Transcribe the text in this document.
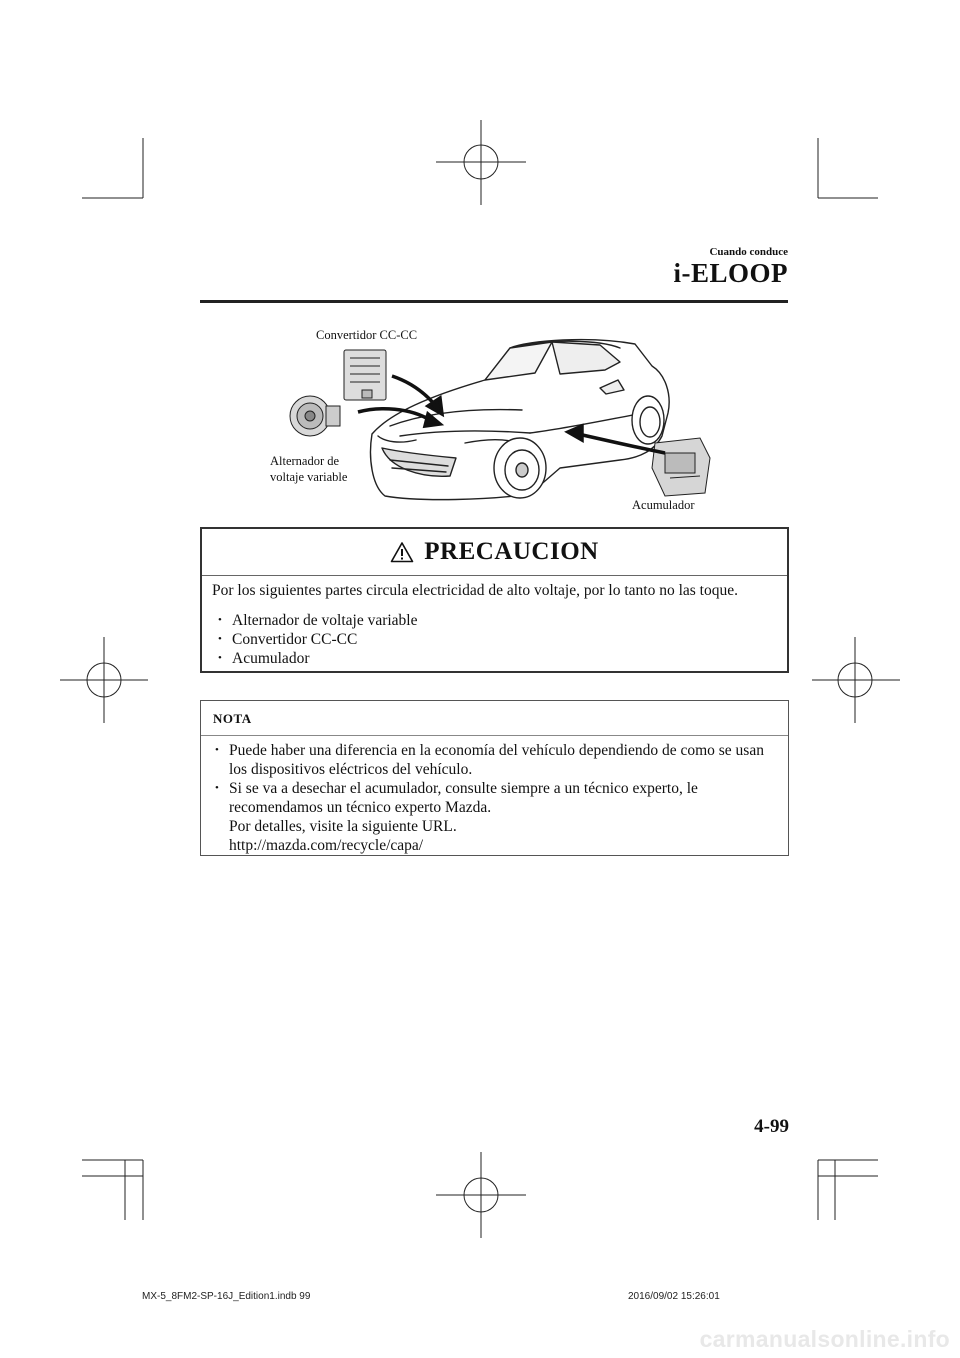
Cuando conduce
i-ELOOP
Convertidor CC-CC
Alternador de
voltaje variable
Acumulador
PRECAUCION
Por los siguientes partes circula electricidad de alto voltaje, por lo tanto no las toque.
• Alternador de voltaje variable
• Convertidor CC-CC
• Acumulador
NOTA
• Puede haber una diferencia en la economía del vehículo dependiendo de como se usan
los dispositivos eléctricos del vehículo.
• Si se va a desechar el acumulador, consulte siempre a un técnico experto, le
recomendamos un técnico experto Mazda.
Por detalles, visite la siguiente URL.
http://mazda.com/recycle/capa/
4-99
MX-5_8FM2-SP-16J_Edition1.indb 99	2016/09/02 15:26:01
carmanualsonline.info
